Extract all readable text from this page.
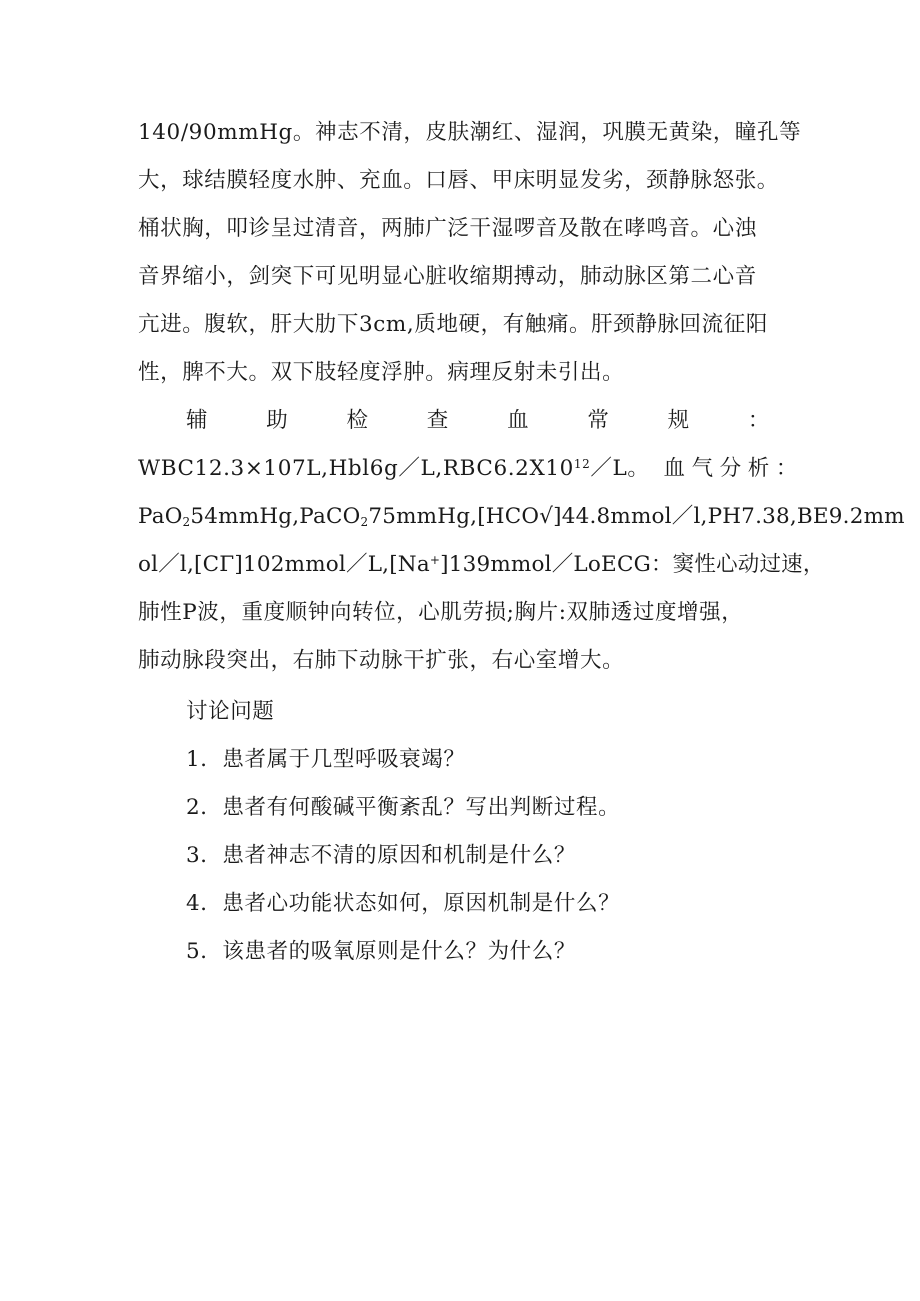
140/90mmHg。神志不清，皮肤潮红、湿润，巩膜无黄染，瞳孔等
大，球结膜轻度水肿、充血。口唇、甲床明显发劣，颈静脉怒张。
桶状胸，叩诊呈过清音，两肺广泛干湿啰音及散在哮鸣音。心浊
音界缩小，剑突下可见明显心脏收缩期搏动，肺动脉区第二心音
亢进。腹软，肝大肋下3cm,质地硬，有触痛。肝颈静脉回流征阳
性，脾不大。双下肢轻度浮肿。病理反射未引出。
辅	助	检	查	血	常	规	：
$WBC12.3\times 107L,Hbl6g/L,RBC6.2X10^{12}/L$。 血 气 分 析 ：
PaO$_2$54mmHg,PaCO$_2$75mmHg,[HCO√]44.8mmol／l,PH7.38,BE9.2mm
ol／l,[CΓ]102mmol／L,[Na+]139mmol／LoECG：窦性心动过速，
肺性P波，重度顺钟向转位，心肌劳损;胸片:双肺透过度增强，
肺动脉段突出，右肺下动脉干扩张，右心室增大。
讨论问题
1．患者属于几型呼吸衰竭？
2．患者有何酸碱平衡紊乱？写出判断过程。
3．患者神志不清的原因和机制是什么？
4．患者心功能状态如何，原因机制是什么？
5．该患者的吸氧原则是什么？为什么？
